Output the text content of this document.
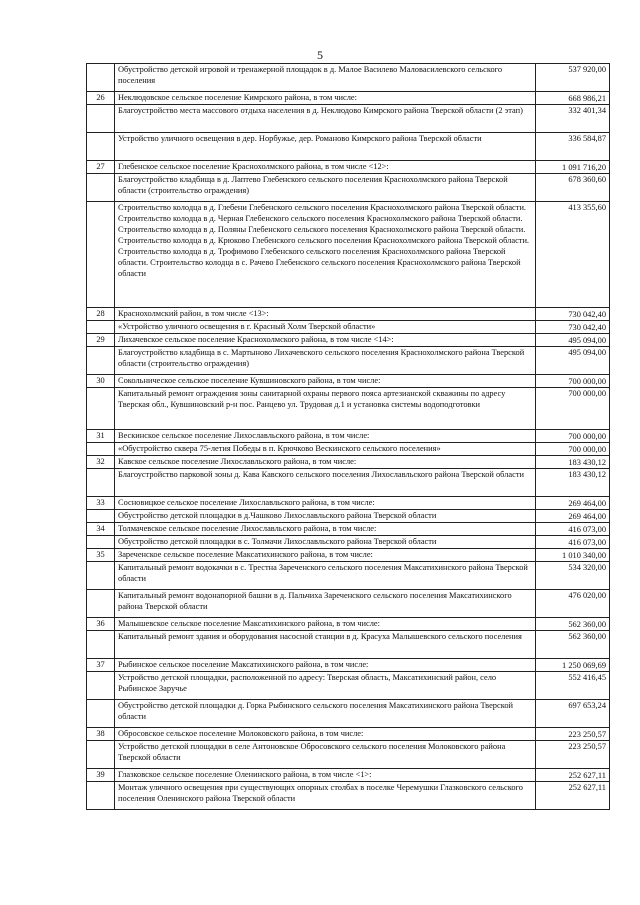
5
	Обустройство детской игровой и тренажерной площадок в д. Малое Василево Маловасилевского сельского поселения	537 920,00
26	Неклюдовское сельское поселение Кимрского района, в том числе:	668 986,21
	Благоустройство места массового отдыха населения в д. Неклюдово Кимрского района Тверской области (2 этап)	332 401,34
	Устройство уличного освещения в дер. Норбужье, дер. Романово Кимрского района Тверской области	336 584,87
27	Глебенское сельское поселение Краснохолмского района, в том числе <12>:	1 091 716,20
	Благоустройство кладбища в д. Лаптево Глебенского сельского поселения Краснохолмского района Тверской области (строительство ограждения)	678 360,60
	Строительство колодца в д. Глебени Глебенского сельского поселения Краснохолмского района Тверской области. Строительство колодца в д. Черная Глебенского сельского поселения Краснохолмского района Тверской области. Строительство колодца в д. Поляны Глебенского сельского поселения Краснохолмского района Тверской области. Строительство колодца в д. Крюково Глебенского сельского поселения Краснохолмского района Тверской области. Строительство колодца в д. Трофимово Глебенского сельского поселения Краснохолмского района Тверской области. Строительство колодца в с. Рачево Глебенского сельского поселения Краснохолмского района Тверской области	413 355,60
28	Краснохолмский район, в том числе <13>:	730 042,40
	«Устройство уличного освещения в г. Красный Холм Тверской области»	730 042,40
29	Лихачевское сельское поселение Краснохолмского района, в том числе <14>:	495 094,00
	Благоустройство кладбища в с. Мартыново Лихачевского сельского поселения Краснохолмского района Тверской области (строительство ограждения)	495 094,00
30	Сокольническое сельское поселение Кувшиновского района, в том числе:	700 000,00
	Капитальный ремонт ограждения зоны санитарной охраны первого пояса артезианской скважины по адресу Тверская обл., Кувшиновский р-н пос. Ранцево ул. Трудовая д.1 и установка системы водоподготовки	700 000,00
31	Вескинское сельское поселение Лихославльского района, в том числе:	700 000,00
	«Обустройство сквера 75-летия Победы в п. Крючково Вескинского сельского поселения»	700 000,00
32	Кавское сельское поселение Лихославльского района, в том числе:	183 430,12
	Благоустройство парковой зоны д. Кава Кавского сельского поселения Лихославльского района Тверской области	183 430,12
33	Сосновицкое сельское поселение Лихославльского района, в том числе:	269 464,00
	Обустройство детской площадки в д.Чашково Лихославльского района Тверской области	269 464,00
34	Толмачевское сельское поселение Лихославльского района, в том числе:	416 073,00
	Обустройство детской площадки в с. Толмачи Лихославльского района Тверской области	416 073,00
35	Зареченское сельское поселение Максатихинского района, в том числе:	1 010 340,00
	Капитальный ремонт водокачки в с. Трестна Зареченского сельского поселения Максатихинского района Тверской области	534 320,00
	Капитальный ремонт водонапорной башни в д. Пальчиха Зареченского сельского поселения Максатихинского района Тверской области	476 020,00
36	Малышевское сельское поселение Максатихинского района, в том числе:	562 360,00
	Капитальный ремонт здания и оборудования насосной станции в д. Красуха Малышевского сельского поселения	562 360,00
37	Рыбинское сельское поселение Максатихинского района, в том числе:	1 250 069,69
	Устройство детской площадки, расположенной по адресу: Тверская область, Максатихинский район, село Рыбинское Заручье	552 416,45
	Обустройство детской площадки д. Горка Рыбинского сельского поселения Максатихинского района Тверской области	697 653,24
38	Обросовское сельское поселение Молоковского района, в том числе:	223 250,57
	Устройство детской площадки в селе Антоновское Обросовского сельского поселения Молоковского района Тверской области	223 250,57
39	Глазковское сельское поселение Оленинского района, в том числе <1>:	252 627,11
	Монтаж уличного освещения при существующих опорных столбах в поселке Черемушки Глазковского сельского поселения Оленинского района Тверской области	252 627,11
